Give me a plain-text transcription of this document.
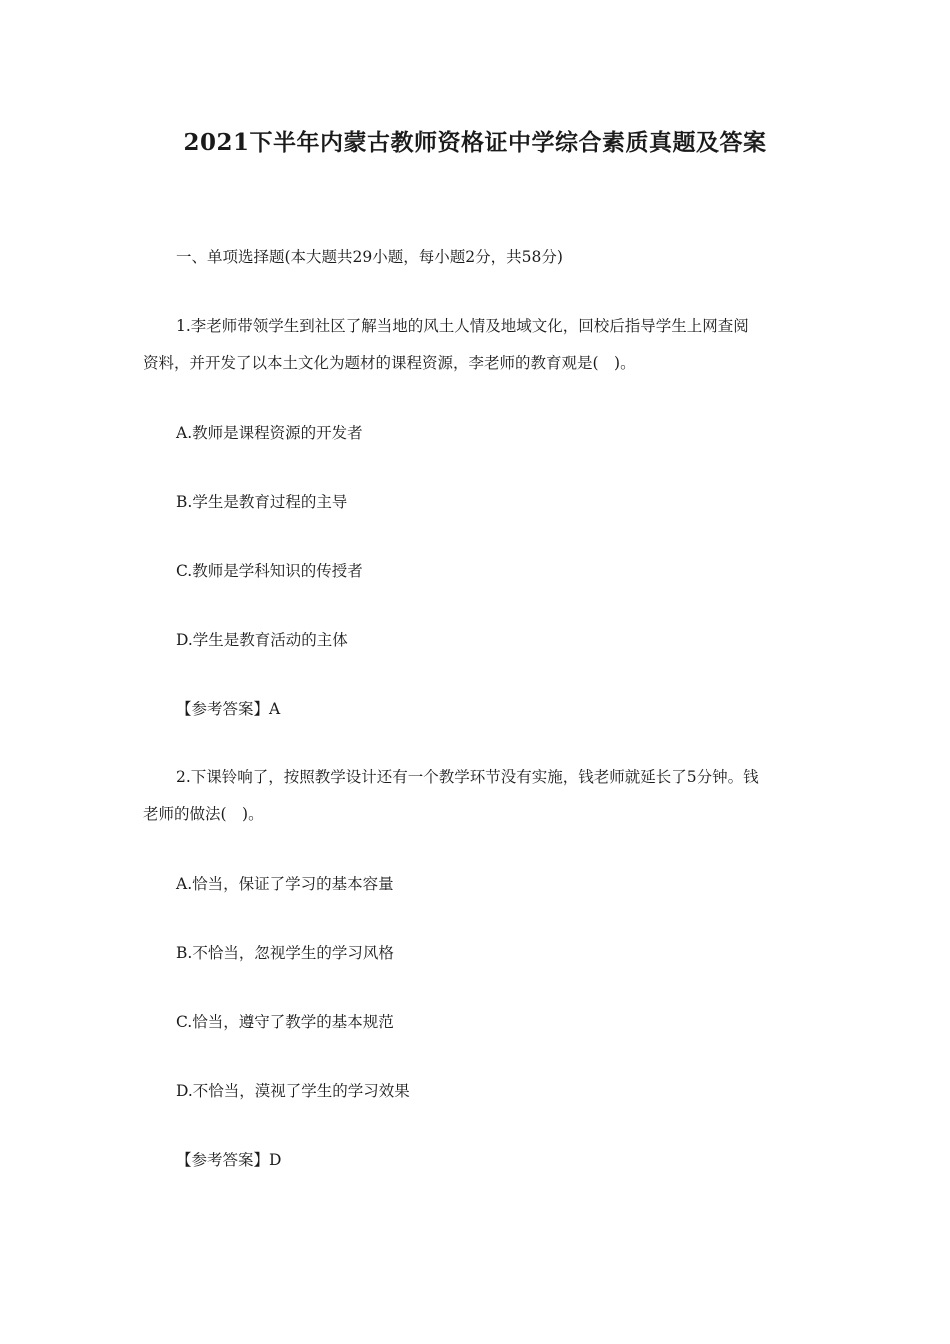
2021下半年内蒙古教师资格证中学综合素质真题及答案

一、单项选择题(本大题共29小题，每小题2分，共58分)

1.李老师带领学生到社区了解当地的风土人情及地域文化，回校后指导学生上网查阅

资料，并开发了以本土文化为题材的课程资源，李老师的教育观是(　)。

A.教师是课程资源的开发者

B.学生是教育过程的主导

C.教师是学科知识的传授者

D.学生是教育活动的主体

【参考答案】A

2.下课铃响了，按照教学设计还有一个教学环节没有实施，钱老师就延长了5分钟。钱

老师的做法(　)。

A.恰当，保证了学习的基本容量

B.不恰当，忽视学生的学习风格

C.恰当，遵守了教学的基本规范

D.不恰当，漠视了学生的学习效果

【参考答案】D
